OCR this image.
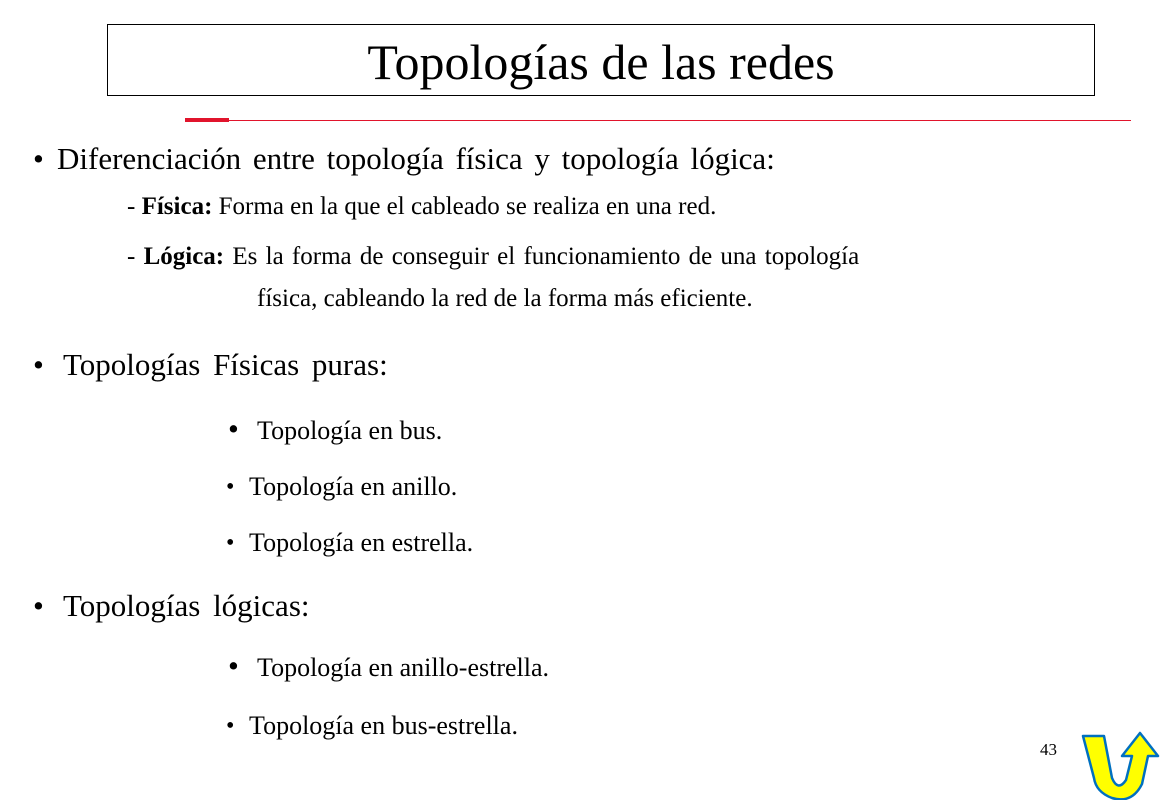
Topologías de las redes
• Diferenciación entre topología física y topología lógica:
- Física: Forma en la que el cableado se realiza en una red.
- Lógica: Es la forma de conseguir el funcionamiento de una topología
física, cableando la red de la forma más eficiente.
• Topologías Físicas puras:
• Topología en bus.
• Topología en anillo.
• Topología en estrella.
• Topologías lógicas:
• Topología en anillo-estrella.
• Topología en bus-estrella.
43
